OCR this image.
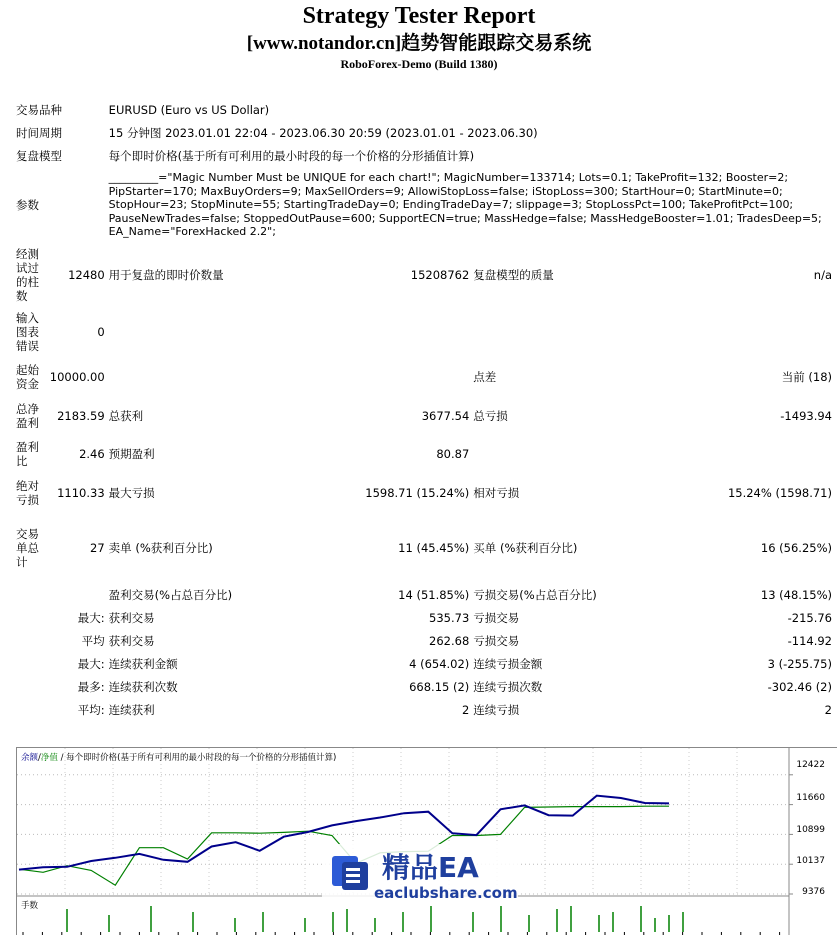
Strategy Tester Report
[www.notandor.cn]趋势智能跟踪交易系统
RoboForex-Demo (Build 1380)
交易品种		EURUSD (Euro vs US Dollar)			
时间周期		15 分钟图 2023.01.01 22:04 - 2023.06.30 20:59 (2023.01.01 - 2023.06.30)			
复盘模型		每个即时价格(基于所有可利用的最小时段的每一个价格的分形插值计算)			
参数		_________="Magic Number Must be UNIQUE for each chart!"; MagicNumber=133714; Lots=0.1; TakeProfit=132; Booster=2; PipStarter=170; MaxBuyOrders=9; MaxSellOrders=9; AllowiStopLoss=false; iStopLoss=300; StartHour=0; StartMinute=0; StopHour=23; StopMinute=55; StartingTradeDay=0; EndingTradeDay=7; slippage=3; StopLossPct=100; TakeProfitPct=100; PauseNewTrades=false; StoppedOutPause=600; SupportECN=true; MassHedge=false; MassHedgeBooster=1.01; TradesDeep=5; EA_Name="ForexHacked 2.2";			
经测试过的柱数	12480	用于复盘的即时价数量	15208762	复盘模型的质量	n/a
输入图表错误	0				
起始资金	10000.00			点差	当前 (18)
总净盈利	2183.59	总获利	3677.54	总亏损	-1493.94
盈利比	2.46	预期盈利	80.87		
绝对亏损	1110.33	最大亏损	1598.71 (15.24%)	相对亏损	15.24% (1598.71)
交易单总计	27	卖单 (%获利百分比)	11 (45.45%)	买单 (%获利百分比)	16 (56.25%)
		盈利交易(%占总百分比)	14 (51.85%)	亏损交易(%占总百分比)	13 (48.15%)
最大:		获利交易	535.73	亏损交易	-215.76
平均		获利交易	262.68	亏损交易	-114.92
最大:		连续获利金额	4 (654.02)	连续亏损金额	3 (-255.75)
最多:		连续获利次数	668.15 (2)	连续亏损次数	-302.46 (2)
平均:		连续获利	2	连续亏损	2
余额/净值 / 每个即时价格(基于所有可利用的最小时段的每一个价格的分形插值计算)
12422
11660
10899
10137
9376
手数
精品EA
eaclubshare.com
